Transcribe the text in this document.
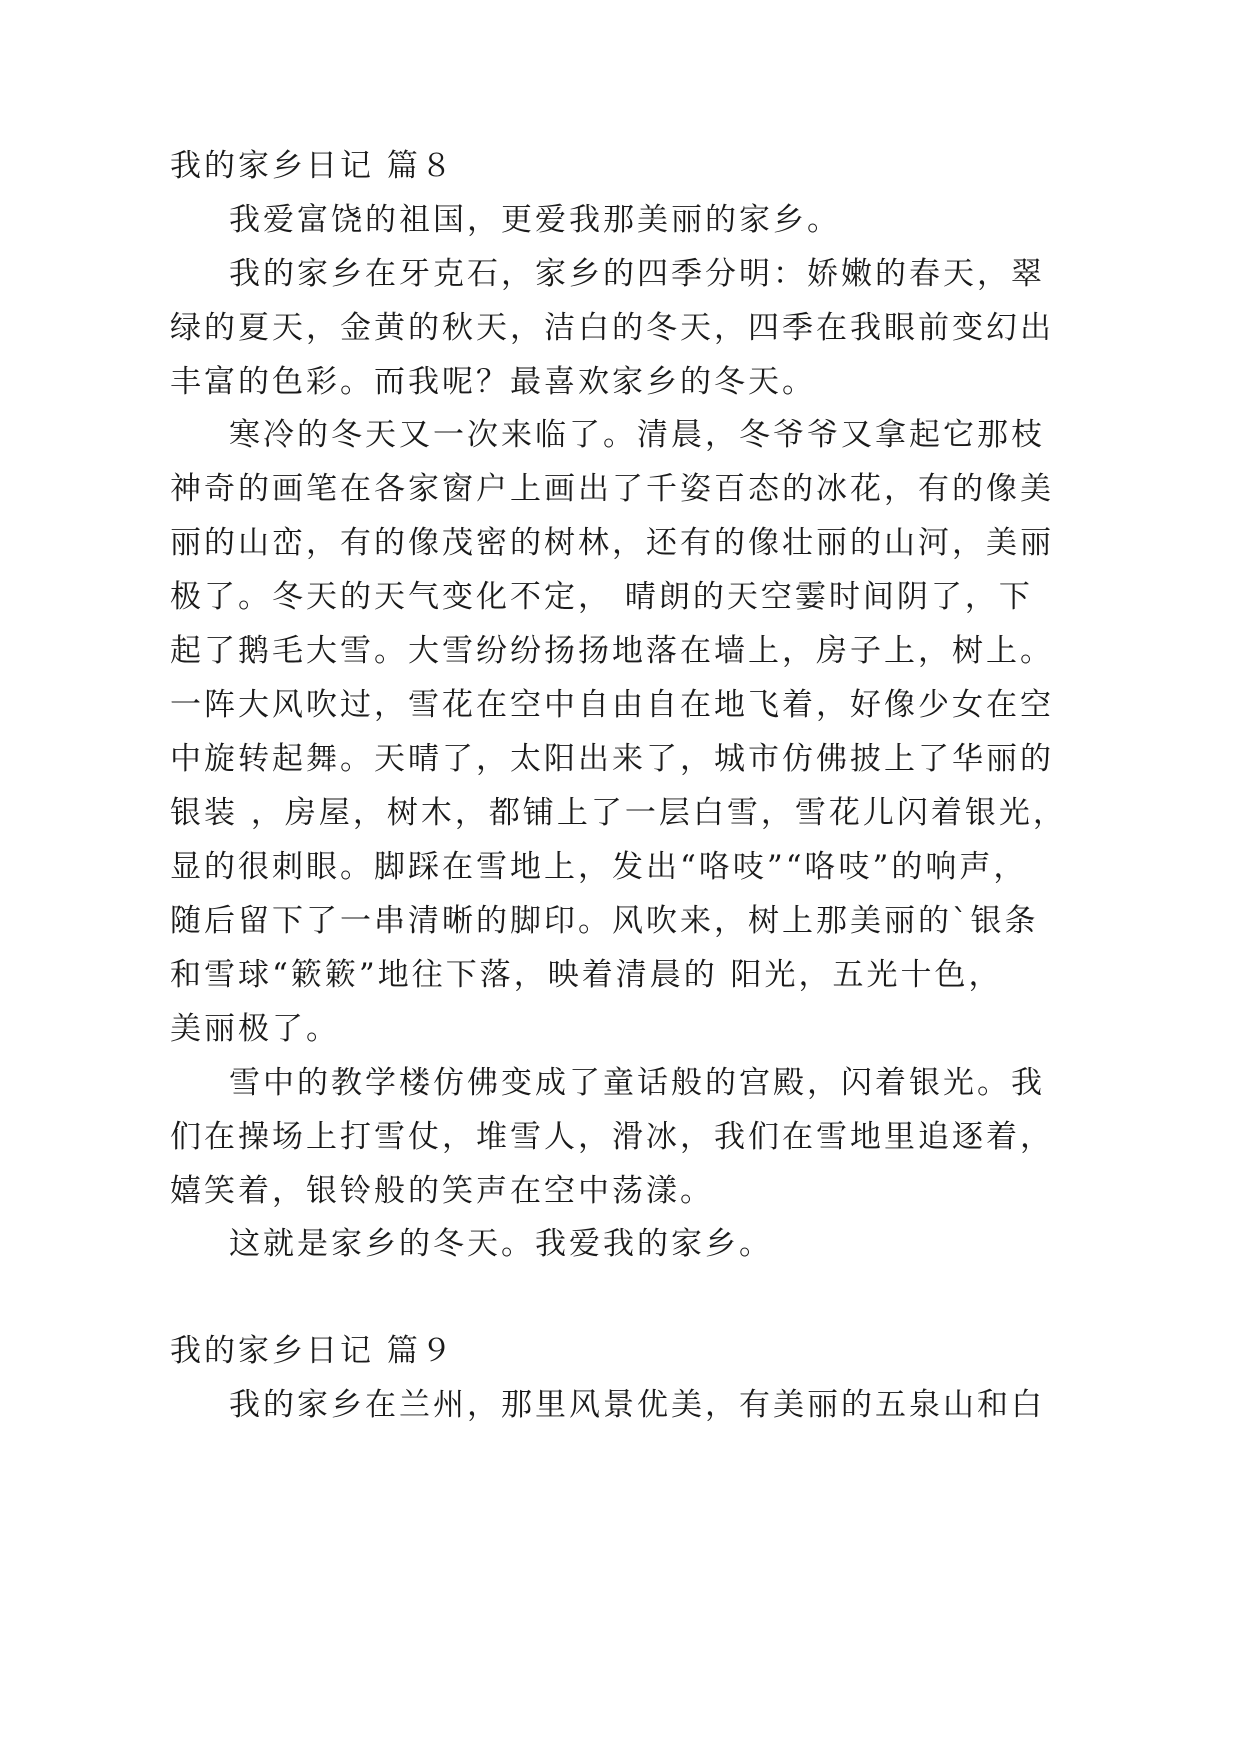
我的家乡日记 篇８
我爱富饶的祖国，更爱我那美丽的家乡。
我的家乡在牙克石，家乡的四季分明：娇嫩的春天，翠
绿的夏天，金黄的秋天，洁白的冬天，四季在我眼前变幻出
丰富的色彩。而我呢？最喜欢家乡的冬天。
寒冷的冬天又一次来临了。清晨，冬爷爷又拿起它那枝
神奇的画笔在各家窗户上画出了千姿百态的冰花，有的像美
丽的山峦，有的像茂密的树林，还有的像壮丽的山河，美丽
极了。冬天的天气变化不定， 晴朗的天空霎时间阴了，下
起了鹅毛大雪。大雪纷纷扬扬地落在墙上，房子上，树上。
一阵大风吹过，雪花在空中自由自在地飞着，好像少女在空
中旋转起舞。天晴了，太阳出来了，城市仿佛披上了华丽的
银装 ，房屋，树木，都铺上了一层白雪，雪花儿闪着银光，
显的很刺眼。脚踩在雪地上，发出“咯吱”“咯吱”的响声，
随后留下了一串清晰的脚印。风吹来，树上那美丽的`银条
和雪球“簌簌”地往下落，映着清晨的 阳光，五光十色，
美丽极了。
雪中的教学楼仿佛变成了童话般的宫殿，闪着银光。我
们在操场上打雪仗，堆雪人，滑冰，我们在雪地里追逐着，
嬉笑着，银铃般的笑声在空中荡漾。
这就是家乡的冬天。我爱我的家乡。
我的家乡日记 篇９
我的家乡在兰州，那里风景优美，有美丽的五泉山和白
